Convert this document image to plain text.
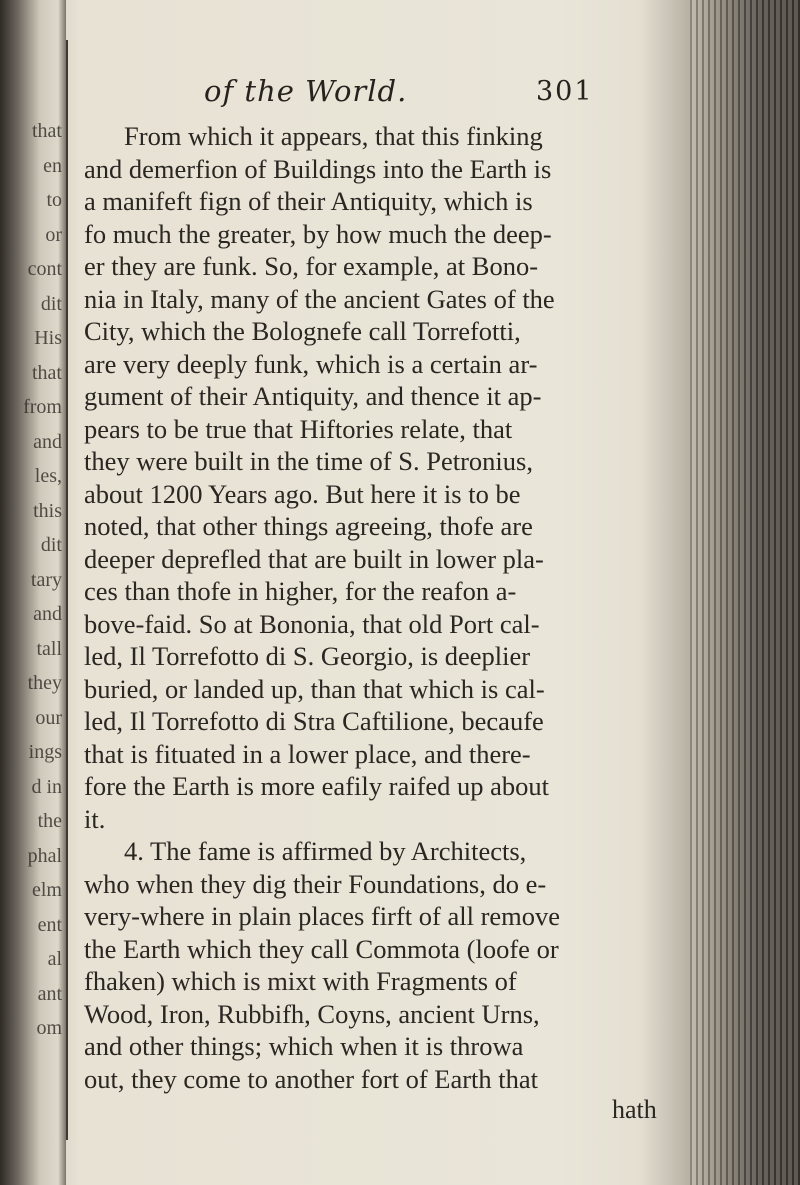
that
en
to
or
cont
dit
His
that
from
and
les,
this
dit
tary
and
tall
they
our
ings
d in
the
phal
elm
ent
al
ant
om
of the World.	301
From which it appears, that this finking
and demerfion of Buildings into the Earth is
a manifeft fign of their Antiquity, which is
fo much the greater, by how much the deep-
er they are funk. So, for example, at Bono-
nia in Italy, many of the ancient Gates of the
City, which the Bolognefe call Torrefotti,
are very deeply funk, which is a certain ar-
gument of their Antiquity, and thence it ap-
pears to be true that Hiftories relate, that
they were built in the time of S. Petronius,
about 1200 Years ago. But here it is to be
noted, that other things agreeing, thofe are
deeper deprefled that are built in lower pla-
ces than thofe in higher, for the reafon a-
bove-faid. So at Bononia, that old Port cal-
led, Il Torrefotto di S. Georgio, is deeplier
buried, or landed up, than that which is cal-
led, Il Torrefotto di Stra Caftilione, becaufe
that is fituated in a lower place, and there-
fore the Earth is more eafily raifed up about
it.
4. The fame is affirmed by Architects,
who when they dig their Foundations, do e-
very-where in plain places firft of all remove
the Earth which they call Commota (loofe or
fhaken) which is mixt with Fragments of
Wood, Iron, Rubbifh, Coyns, ancient Urns,
and other things; which when it is throwa
out, they come to another fort of Earth that
hath
